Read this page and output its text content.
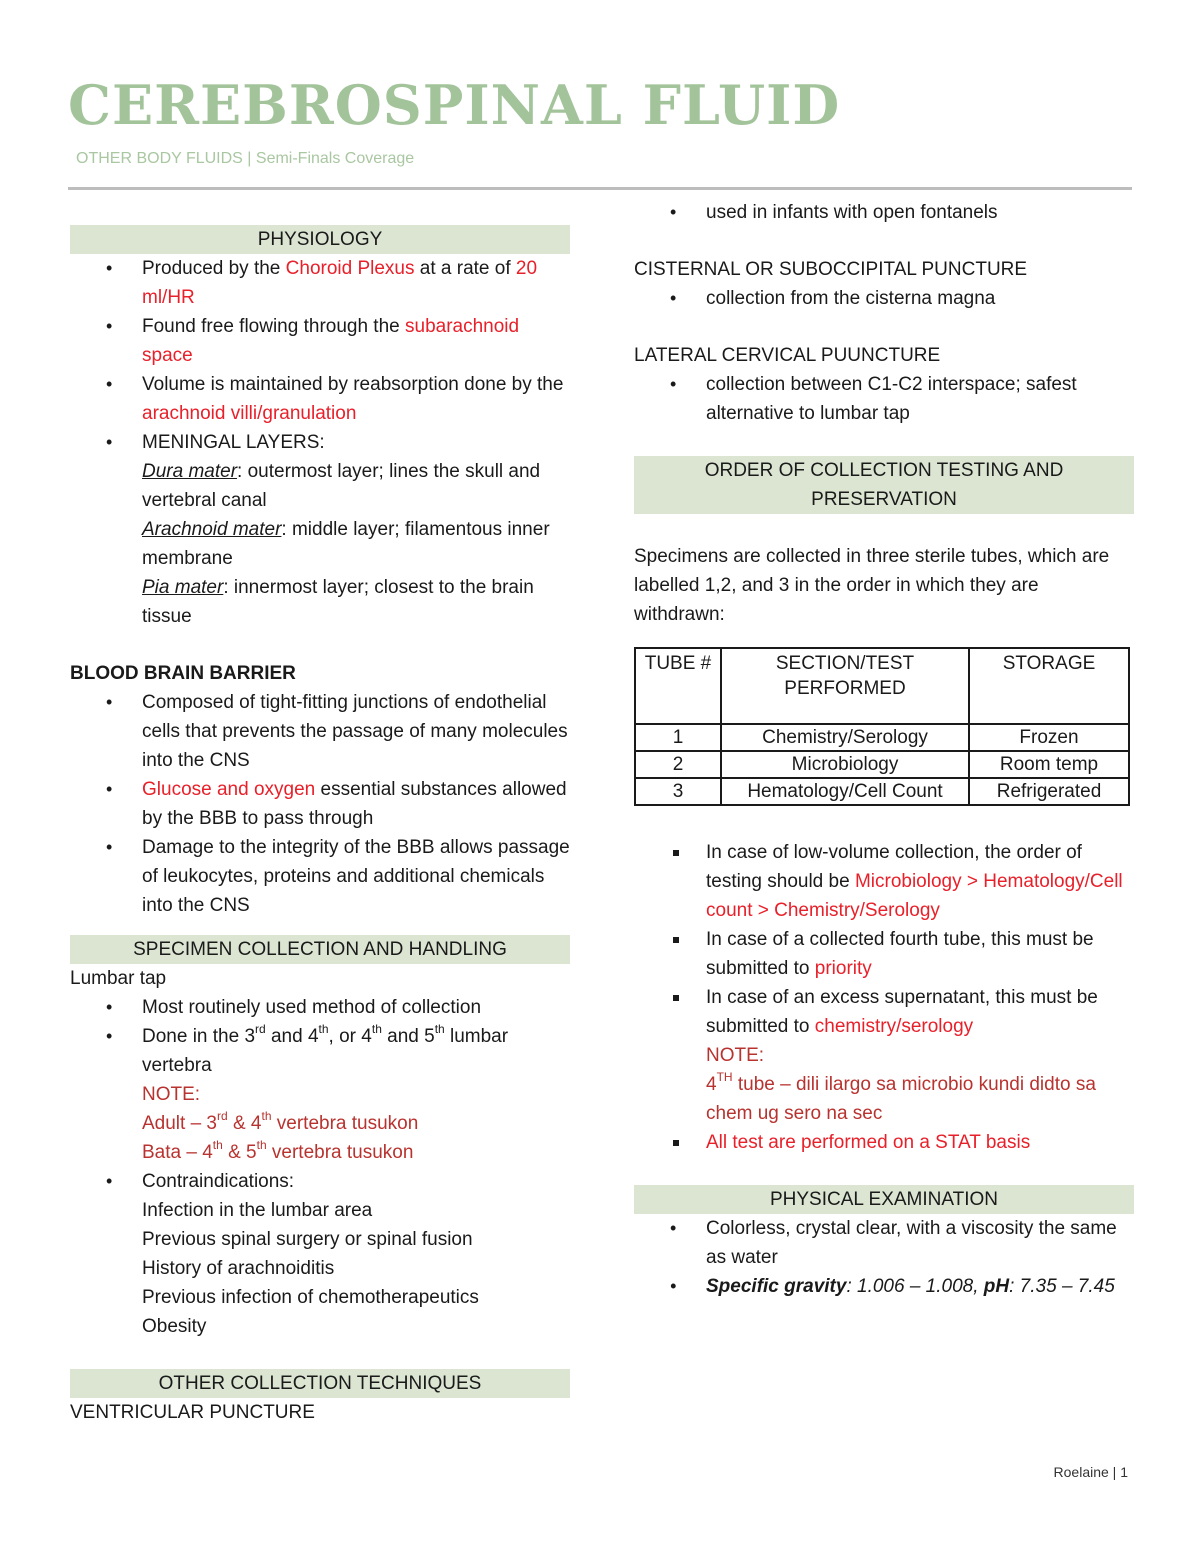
CEREBROSPINAL FLUID
OTHER BODY FLUIDS | Semi-Finals Coverage
PHYSIOLOGY
• Produced by the Choroid Plexus at a rate of 20 ml/HR
• Found free flowing through the subarachnoid space
• Volume is maintained by reabsorption done by the arachnoid villi/granulation
• MENINGAL LAYERS:
Dura mater: outermost layer; lines the skull and vertebral canal
Arachnoid mater: middle layer; filamentous inner membrane
Pia mater: innermost layer; closest to the brain tissue
BLOOD BRAIN BARRIER
• Composed of tight-fitting junctions of endothelial cells that prevents the passage of many molecules into the CNS
• Glucose and oxygen essential substances allowed by the BBB to pass through
• Damage to the integrity of the BBB allows passage of leukocytes, proteins and additional chemicals into the CNS
SPECIMEN COLLECTION AND HANDLING
Lumbar tap
• Most routinely used method of collection
• Done in the 3rd and 4th, or 4th and 5th lumbar vertebra
NOTE:
Adult – 3rd & 4th vertebra tusukon
Bata – 4th & 5th vertebra tusukon
• Contraindications:
Infection in the lumbar area
Previous spinal surgery or spinal fusion
History of arachnoiditis
Previous infection of chemotherapeutics
Obesity
OTHER COLLECTION TECHNIQUES
VENTRICULAR PUNCTURE
• used in infants with open fontanels
CISTERNAL OR SUBOCCIPITAL PUNCTURE
• collection from the cisterna magna
LATERAL CERVICAL PUUNCTURE
• collection between C1-C2 interspace; safest alternative to lumbar tap
ORDER OF COLLECTION TESTING AND PRESERVATION
Specimens are collected in three sterile tubes, which are labelled 1,2, and 3 in the order in which they are withdrawn:
TUBE #	SECTION/TEST PERFORMED	STORAGE
1	Chemistry/Serology	Frozen
2	Microbiology	Room temp
3	Hematology/Cell Count	Refrigerated
In case of low-volume collection, the order of testing should be Microbiology > Hematology/Cell count > Chemistry/Serology
In case of a collected fourth tube, this must be submitted to priority
In case of an excess supernatant, this must be submitted to chemistry/serology
NOTE:
4TH tube – dili ilargo sa microbio kundi didto sa chem ug sero na sec
All test are performed on a STAT basis
PHYSICAL EXAMINATION
• Colorless, crystal clear, with a viscosity the same as water
• Specific gravity: 1.006 – 1.008, pH: 7.35 – 7.45
Roelaine | 1
